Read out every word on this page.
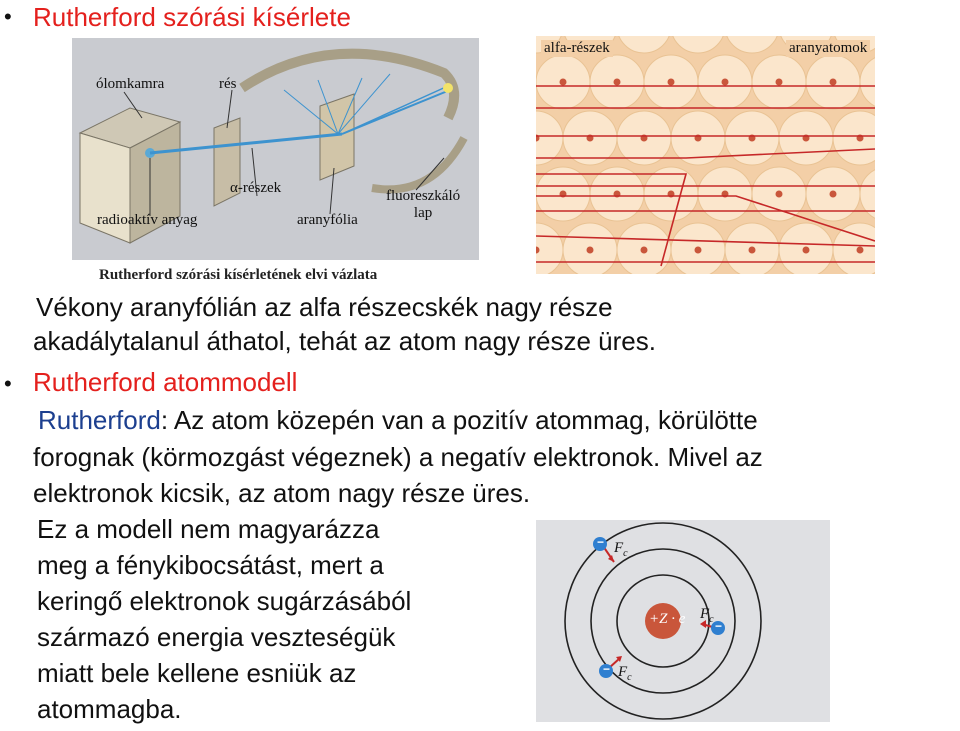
• Rutherford szórási kísérlete
ólomkamra	rés
α-részek
radioaktív anyag	aranyfólia
fluoreszkáló
lap
Rutherford szórási kísérletének elvi vázlata
alfa-részek	aranyatomok
Vékony aranyfólián az alfa részecskék nagy része
akadálytalanul áthatol, tehát az atom nagy része üres.
• Rutherford atommodell
Rutherford: Az atom közepén van a pozitív atommag, körülötte
forognak (körmozgást végeznek) a negatív elektronok. Mivel az
elektronok kicsik, az atom nagy része üres.
Ez a modell nem magyarázza
meg a fénykibocsátást, mert a
keringő elektronok sugárzásából
származó energia veszteségük
miatt bele kellene esniük az
atommagba.
+Z · e
−
−
−
$F_c$
$F_c$
$F_c$
